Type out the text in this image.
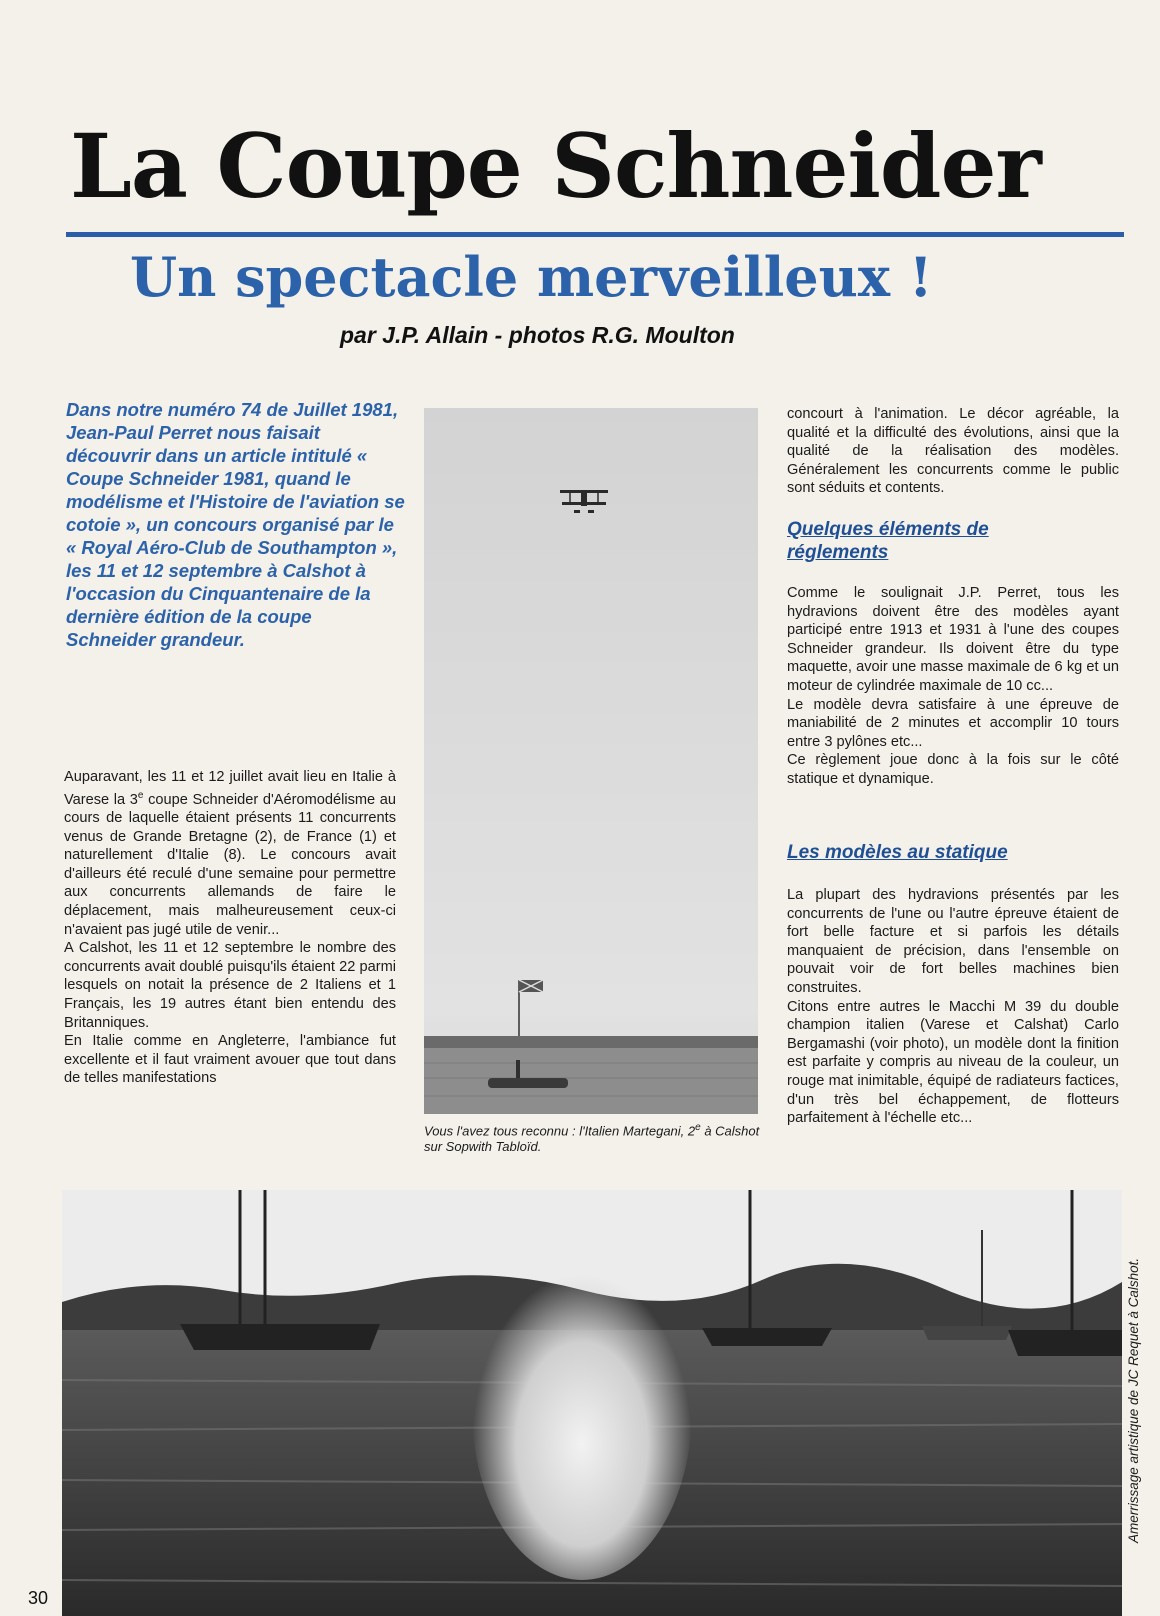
La Coupe Schneider
Un spectacle merveilleux !
par J.P. Allain - photos R.G. Moulton

Dans notre numéro 74 de Juillet 1981, Jean-Paul Perret nous faisait découvrir dans un article intitulé « Coupe Schneider 1981, quand le modélisme et l'Histoire de l'aviation se cotoie », un concours organisé par le « Royal Aéro-Club de Southampton », les 11 et 12 septembre à Calshot à l'occasion du Cinquantenaire de la dernière édition de la coupe Schneider grandeur.

Auparavant, les 11 et 12 juillet avait lieu en Italie à Varese la 3e coupe Schneider d'Aéromodélisme au cours de laquelle étaient présents 11 concurrents venus de Grande Bretagne (2), de France (1) et naturellement d'Italie (8). Le concours avait d'ailleurs été reculé d'une semaine pour permettre aux concurrents allemands de faire le déplacement, mais malheureusement ceux-ci n'avaient pas jugé utile de venir...

A Calshot, les 11 et 12 septembre le nombre des concurrents avait doublé puisqu'ils étaient 22 parmi lesquels on notait la présence de 2 Italiens et 1 Français, les 19 autres étant bien entendu des Britanniques.

En Italie comme en Angleterre, l'ambiance fut excellente et il faut vraiment avouer que tout dans de telles manifestations

Vous l'avez tous reconnu : l'Italien Martegani, 2e à Calshot sur Sopwith Tabloïd.

concourt à l'animation. Le décor agréable, la qualité et la difficulté des évolutions, ainsi que la qualité de la réalisation des modèles. Généralement les concurrents comme le public sont séduits et contents.

Quelques éléments de réglements

Comme le soulignait J.P. Perret, tous les hydravions doivent être des modèles ayant participé entre 1913 et 1931 à l'une des coupes Schneider grandeur. Ils doivent être du type maquette, avoir une masse maximale de 6 kg et un moteur de cylindrée maximale de 10 cc...

Le modèle devra satisfaire à une épreuve de maniabilité de 2 minutes et accomplir 10 tours entre 3 pylônes etc...

Ce règlement joue donc à la fois sur le côté statique et dynamique.

Les modèles au statique

La plupart des hydravions présentés par les concurrents de l'une ou l'autre épreuve étaient de fort belle facture et si parfois les détails manquaient de précision, dans l'ensemble on pouvait voir de fort belles machines bien construites.

Citons entre autres le Macchi M 39 du double champion italien (Varese et Calshat) Carlo Bergamashi (voir photo), un modèle dont la finition est parfaite y compris au niveau de la couleur, un rouge mat inimitable, équipé de radiateurs factices, d'un très bel échappement, de flotteurs parfaitement à l'échelle etc...

Amerrissage artistique de JC Requet à Calshot.
30
